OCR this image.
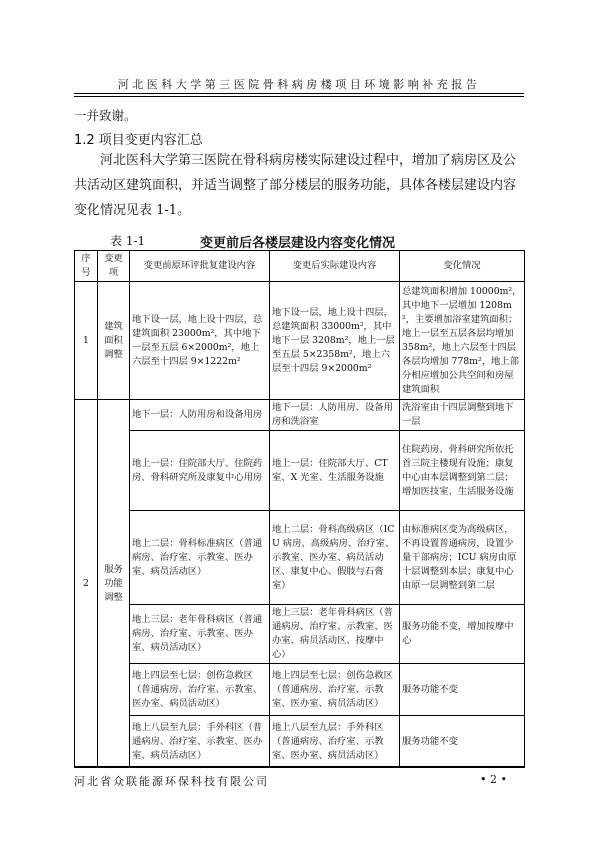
河北医科大学第三医院骨科病房楼项目环境影响补充报告
一并致谢。
1.2 项目变更内容汇总
河北医科大学第三医院在骨科病房楼实际建设过程中，增加了病房区及公
共活动区建筑面积，并适当调整了部分楼层的服务功能，具体各楼层建设内容
变化情况见表 1-1。
表 1-1	变更前后各楼层建设内容变化情况
序号	变更项	变更前原环评批复建设内容	变更后实际建设内容	变化情况
1	建筑面积调整	地下设一层，地上设十四层，总建筑面积 23000m²，其中地下一层至五层 6×2000m²，地上六层至十四层 9×1222m²	地下设一层，地上设十四层，总建筑面积 33000m²，其中地下一层 3208m²，地上一层至五层 5×2358m²，地上六层至十四层 9×2000m²	总建筑面积增加 10000m²，其中地下一层增加 1208m²，主要增加浴室建筑面积；地上一层至五层各层均增加 358m²，地上六层至十四层各层均增加 778m²，地上部分相应增加公共空间和房屋建筑面积
2	服务功能调整	地下一层：人防用房和设备用房	地下一层：人防用房、设备用房和洗浴室	洗浴室由十四层调整到地下一层
		地上一层：住院部大厅、住院药房、骨科研究所及康复中心用房	地上一层：住院部大厅、CT 室、X 光室、生活服务设施	住院药房、骨科研究所依托首三院主楼现有设施；康复中心由本层调整到第二层；增加医技室、生活服务设施
		地上二层：骨科标准病区（普通病房、治疗室、示教室、医办室、病员活动区）	地上二层：骨科高级病区（ICU 病房、高级病房、治疗室、示教室、医办室、病员活动区、康复中心、假肢与石膏室）	由标准病区变为高级病区，不再设置普通病房，设置少量干部病房；ICU 病房由原十层调整到本层；康复中心由原一层调整到第二层
		地上三层：老年骨科病区（普通病房、治疗室、示教室、医办室、病员活动区）	地上三层：老年骨科病区（普通病房、治疗室、示教室、医办室、病员活动区、按摩中心）	服务功能不变，增加按摩中心
		地上四层至七层：创伤急救区（普通病房、治疗室、示教室、医办室、病员活动区）	地上四层至七层：创伤急救区（普通病房、治疗室、示教室、医办室、病员活动区）	服务功能不变
		地上八层至九层：手外科区（普通病房、治疗室、示教室、医办室、病员活动区）	地上八层至九层：手外科区（普通病房、治疗室、示教室、医办室、病员活动区）	服务功能不变
河北省众联能源环保科技有限公司	• 2 •
